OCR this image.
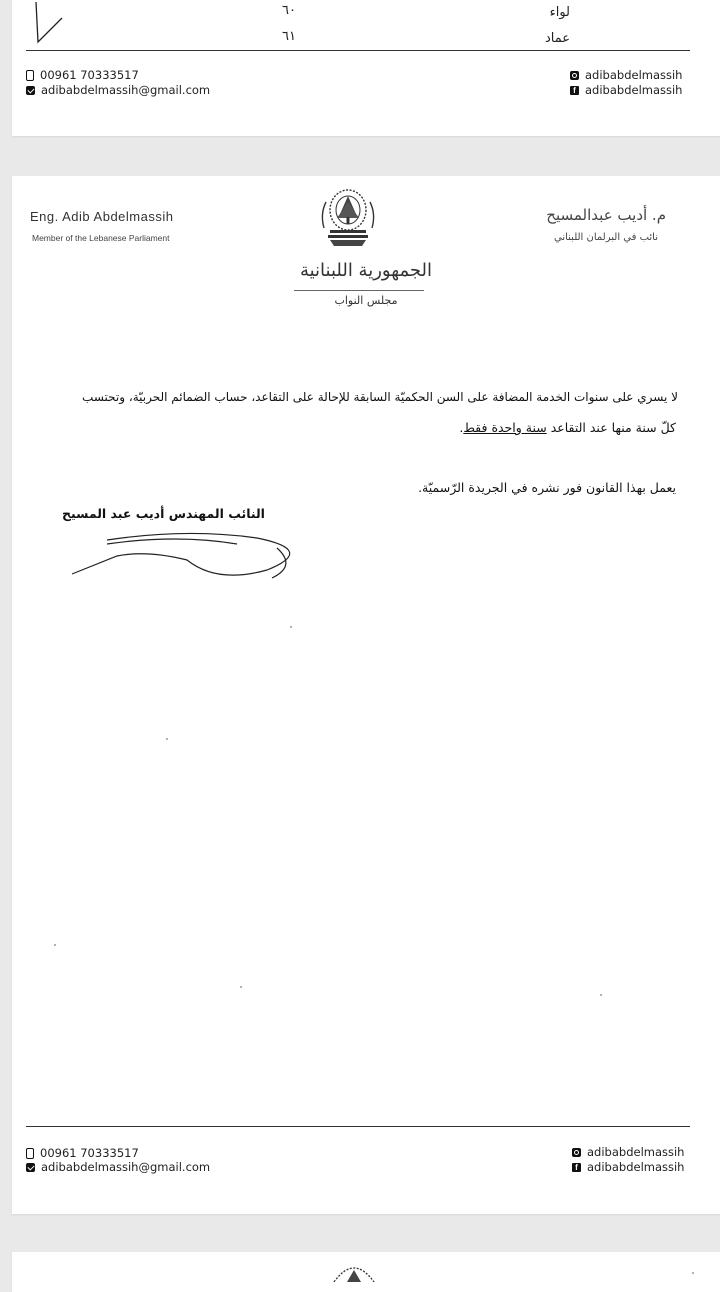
٦٠	لواء
٦١	عماد
00961 70333517
adibabdelmassih@gmail.com
adibabdelmassih
f adibabdelmassih
Eng. Adib Abdelmassih
Member of the Lebanese Parliament
م. أديب عبدالمسيح
نائب في البرلمان اللبناني
الجمهورية اللبنانية
مجلس النواب
لا يسري على سنوات الخدمة المضافة على السن الحكميّة السابقة للإحالة على التقاعد، حساب الضمائم الحربيّة، وتحتسب
كلّ سنة منها عند التقاعد سنة واحدة فقط.
يعمل بهذا القانون فور نشره في الجريدة الرّسميّة.
النائب المهندس أديب عبد المسيح
00961 70333517
adibabdelmassih@gmail.com
adibabdelmassih
f adibabdelmassih
